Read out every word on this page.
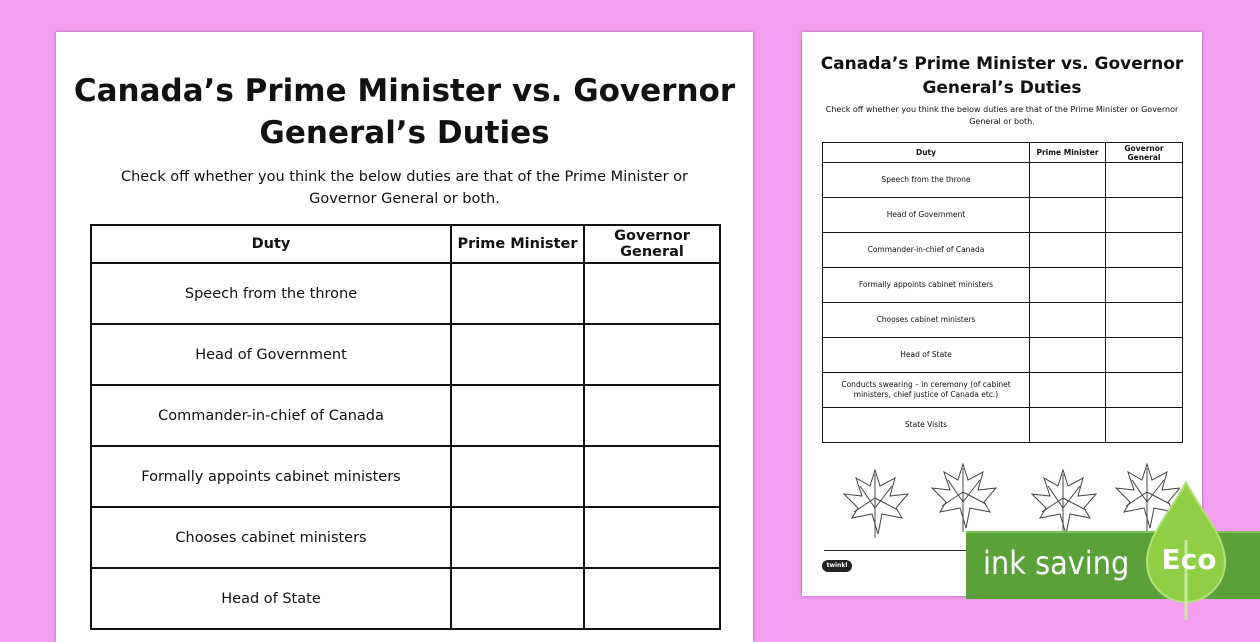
Canada’s Prime Minister vs. Governor

General’s Duties

Check off whether you think the below duties are that of the Prime Minister or Governor General or both.

Duty	Prime Minister	Governor General
Speech from the throne		
Head of Government		
Commander-in-chief of Canada		
Formally appoints cabinet ministers		
Chooses cabinet ministers		
Head of State		

Canada’s Prime Minister vs. Governor

General’s Duties

Check off whether you think the below duties are that of the Prime Minister or Governor General or both.

Duty	Prime Minister	Governor General
Speech from the throne		
Head of Government		
Commander-in-chief of Canada		
Formally appoints cabinet ministers		
Chooses cabinet ministers		
Head of State		
Conducts swearing – in ceremony (of cabinet ministers, chief justice of Canada etc.)		
State Visits		
twinkl	ink saving Eco
